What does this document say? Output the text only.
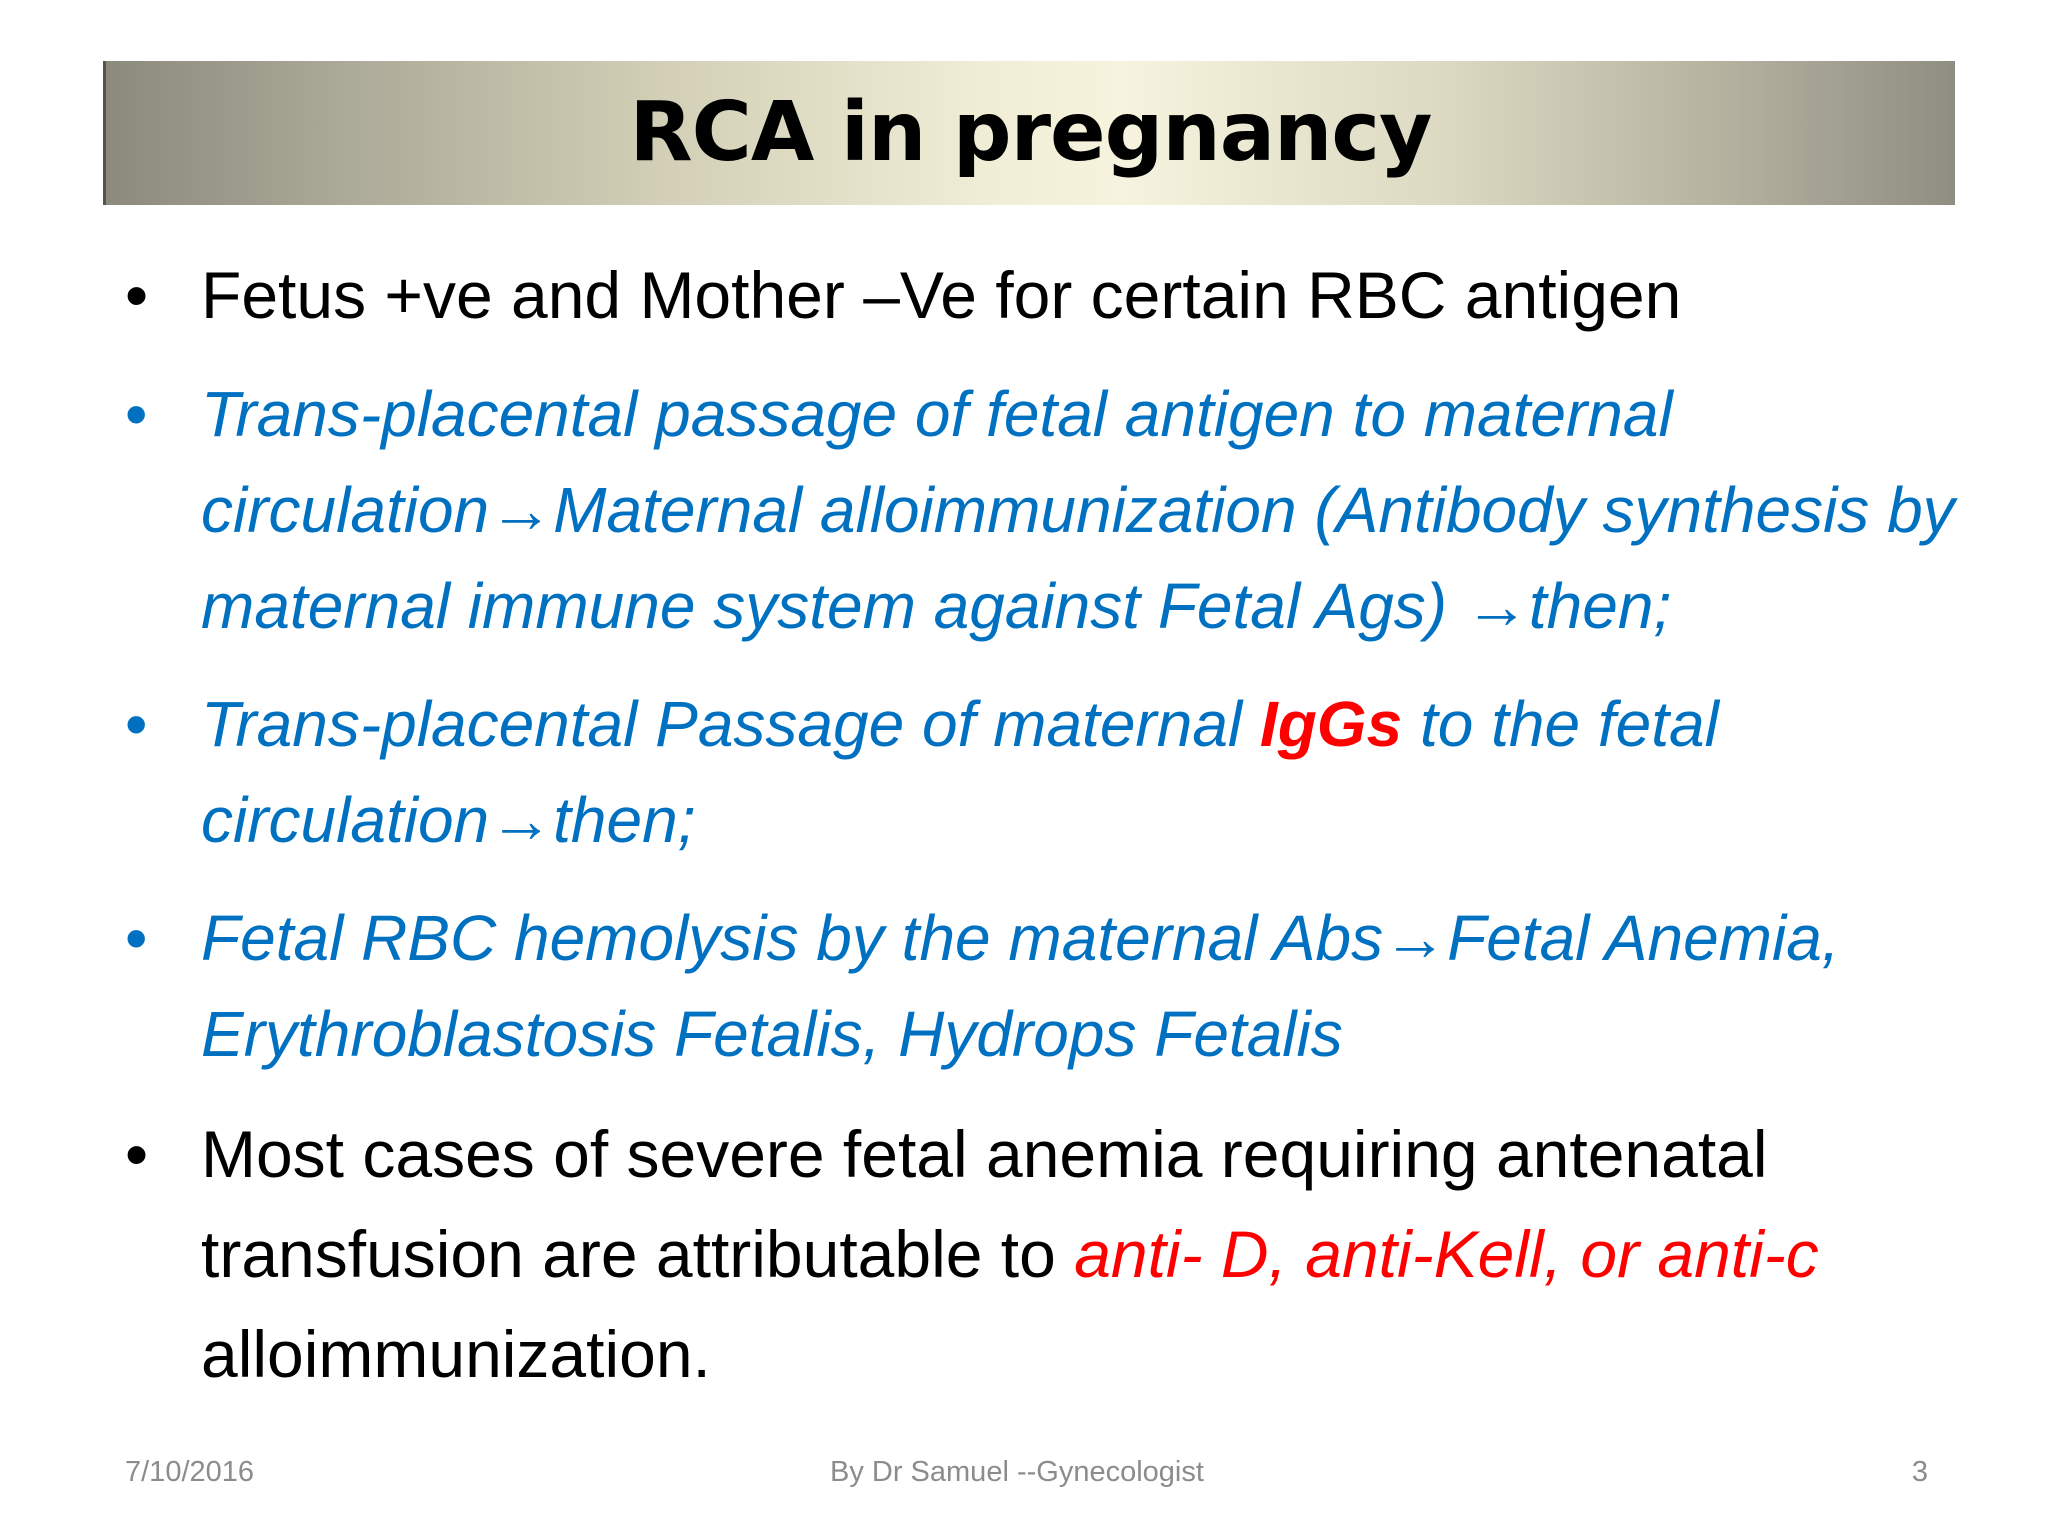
RCA in pregnancy

• Fetus +ve and Mother –Ve for certain RBC antigen

• Trans-placental passage of fetal antigen to maternal circulation→Maternal alloimmunization (Antibody synthesis by maternal immune system against Fetal Ags) →then;

• Trans-placental Passage of maternal IgGs to the fetal circulation→then;

• Fetal RBC hemolysis by the maternal Abs→Fetal Anemia, Erythroblastosis Fetalis, Hydrops Fetalis

• Most cases of severe fetal anemia requiring antenatal transfusion are attributable to anti- D, anti-Kell, or anti-c alloimmunization.

7/10/2016	By Dr Samuel --Gynecologist	3
